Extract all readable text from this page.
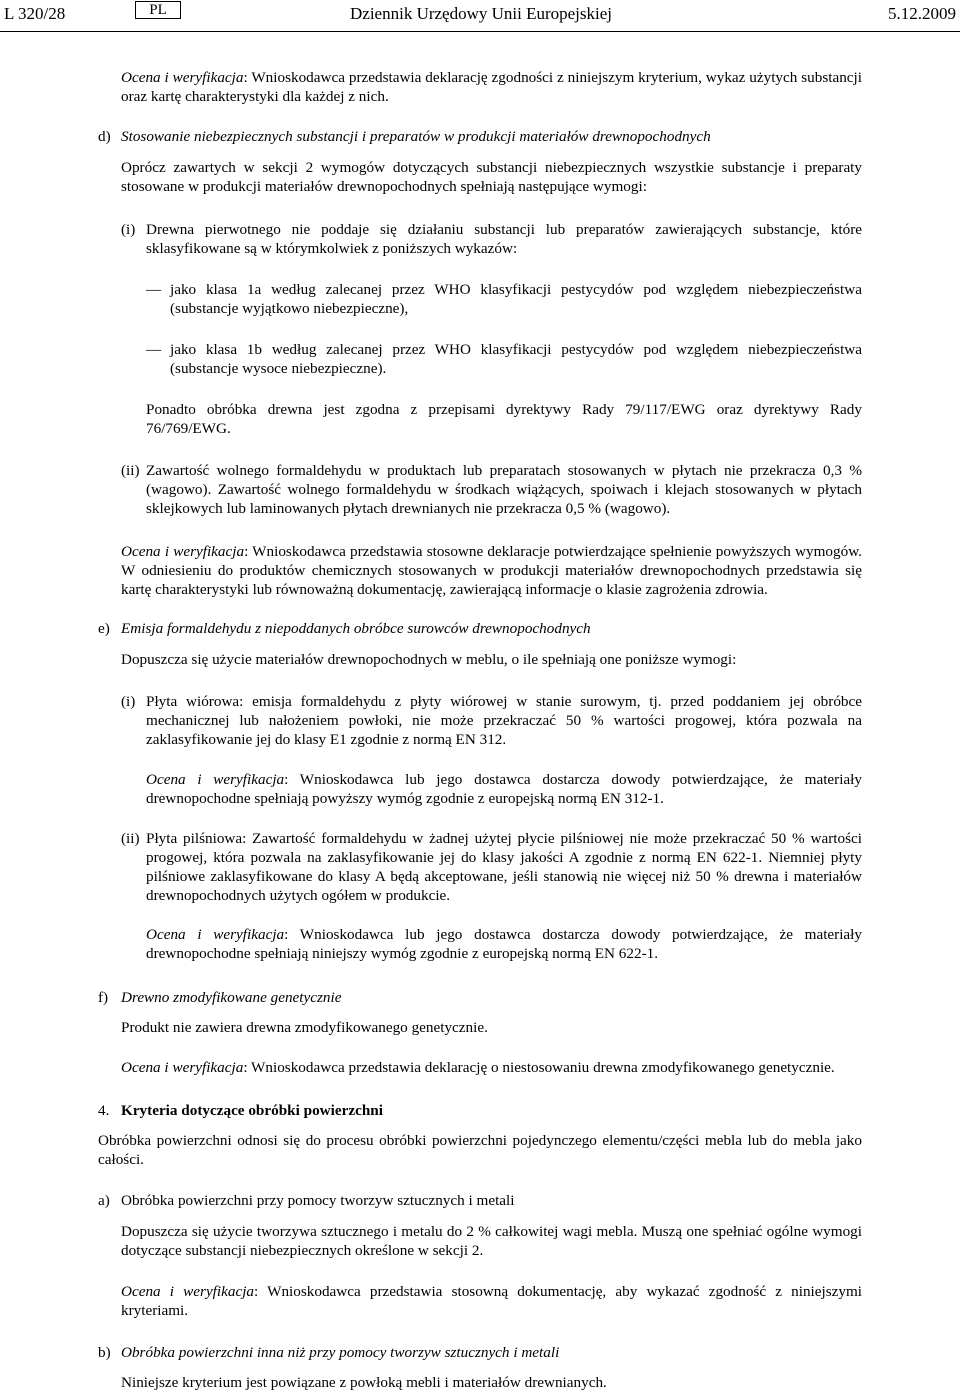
L 320/28	PL	Dziennik Urzędowy Unii Europejskiej	5.12.2009

Ocena i weryfikacja: Wnioskodawca przedstawia deklarację zgodności z niniejszym kryterium, wykaz użytych substancji oraz kartę charakterystyki dla każdej z nich.

d) Stosowanie niebezpiecznych substancji i preparatów w produkcji materiałów drewnopochodnych

Oprócz zawartych w sekcji 2 wymogów dotyczących substancji niebezpiecznych wszystkie substancje i preparaty stosowane w produkcji materiałów drewnopochodnych spełniają następujące wymogi:

(i) Drewna pierwotnego nie poddaje się działaniu substancji lub preparatów zawierających substancje, które sklasyfikowane są w którymkolwiek z poniższych wykazów:

— jako klasa 1a według zalecanej przez WHO klasyfikacji pestycydów pod względem niebezpieczeństwa (substancje wyjątkowo niebezpieczne),

— jako klasa 1b według zalecanej przez WHO klasyfikacji pestycydów pod względem niebezpieczeństwa (substancje wysoce niebezpieczne).

Ponadto obróbka drewna jest zgodna z przepisami dyrektywy Rady 79/117/EWG oraz dyrektywy Rady 76/769/EWG.

(ii) Zawartość wolnego formaldehydu w produktach lub preparatach stosowanych w płytach nie przekracza 0,3 % (wagowo). Zawartość wolnego formaldehydu w środkach wiążących, spoiwach i klejach stosowanych w płytach sklejkowych lub laminowanych płytach drewnianych nie przekracza 0,5 % (wagowo).

Ocena i weryfikacja: Wnioskodawca przedstawia stosowne deklaracje potwierdzające spełnienie powyższych wymogów. W odniesieniu do produktów chemicznych stosowanych w produkcji materiałów drewnopochodnych przedstawia się kartę charakterystyki lub równoważną dokumentację, zawierającą informacje o klasie zagrożenia zdrowia.

e) Emisja formaldehydu z niepoddanych obróbce surowców drewnopochodnych

Dopuszcza się użycie materiałów drewnopochodnych w meblu, o ile spełniają one poniższe wymogi:

(i) Płyta wiórowa: emisja formaldehydu z płyty wiórowej w stanie surowym, tj. przed poddaniem jej obróbce mechanicznej lub nałożeniem powłoki, nie może przekraczać 50 % wartości progowej, która pozwala na zaklasyfikowanie jej do klasy E1 zgodnie z normą EN 312.

Ocena i weryfikacja: Wnioskodawca lub jego dostawca dostarcza dowody potwierdzające, że materiały drewnopochodne spełniają powyższy wymóg zgodnie z europejską normą EN 312-1.

(ii) Płyta pilśniowa: Zawartość formaldehydu w żadnej użytej płycie pilśniowej nie może przekraczać 50 % wartości progowej, która pozwala na zaklasyfikowanie jej do klasy jakości A zgodnie z normą EN 622-1. Niemniej płyty pilśniowe zaklasyfikowane do klasy A będą akceptowane, jeśli stanowią nie więcej niż 50 % drewna i materiałów drewnopochodnych użytych ogółem w produkcie.

Ocena i weryfikacja: Wnioskodawca lub jego dostawca dostarcza dowody potwierdzające, że materiały drewnopochodne spełniają niniejszy wymóg zgodnie z europejską normą EN 622-1.

f) Drewno zmodyfikowane genetycznie

Produkt nie zawiera drewna zmodyfikowanego genetycznie.

Ocena i weryfikacja: Wnioskodawca przedstawia deklarację o niestosowaniu drewna zmodyfikowanego genetycznie.

4. Kryteria dotyczące obróbki powierzchni

Obróbka powierzchni odnosi się do procesu obróbki powierzchni pojedynczego elementu/części mebla lub do mebla jako całości.

a) Obróbka powierzchni przy pomocy tworzyw sztucznych i metali

Dopuszcza się użycie tworzywa sztucznego i metalu do 2 % całkowitej wagi mebla. Muszą one spełniać ogólne wymogi dotyczące substancji niebezpiecznych określone w sekcji 2.

Ocena i weryfikacja: Wnioskodawca przedstawia stosowną dokumentację, aby wykazać zgodność z niniejszymi kryteriami.

b) Obróbka powierzchni inna niż przy pomocy tworzyw sztucznych i metali

Niniejsze kryterium jest powiązane z powłoką mebli i materiałów drewnianych.
